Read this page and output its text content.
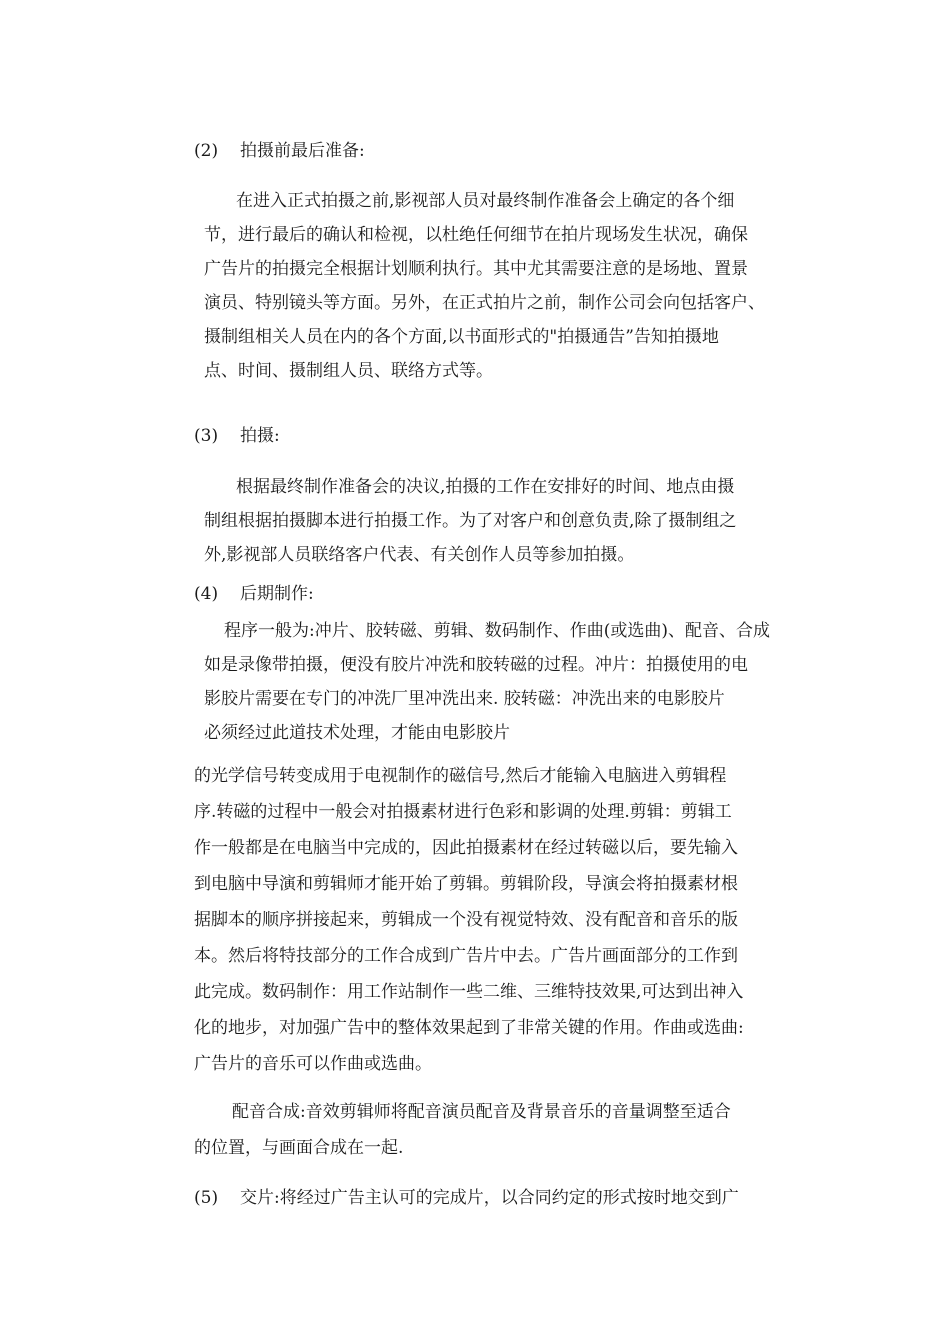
(2) 拍摄前最后准备:
在进入正式拍摄之前,影视部人员对最终制作准备会上确定的各个细
节，进行最后的确认和检视，以杜绝任何细节在拍片现场发生状况，确保
广告片的拍摄完全根据计划顺利执行。其中尤其需要注意的是场地、置景
演员、特别镜头等方面。另外，在正式拍片之前，制作公司会向包括客户、
摄制组相关人员在内的各个方面,以书面形式的"拍摄通告”告知拍摄地
点、时间、摄制组人员、联络方式等。
(3) 拍摄:
根据最终制作准备会的决议,拍摄的工作在安排好的时间、地点由摄
制组根据拍摄脚本进行拍摄工作。为了对客户和创意负责,除了摄制组之
外,影视部人员联络客户代表、有关创作人员等参加拍摄。
(4) 后期制作:
程序一般为:冲片、胶转磁、剪辑、数码制作、作曲(或选曲)、配音、合成
如是录像带拍摄，便没有胶片冲洗和胶转磁的过程。冲片：拍摄使用的电
影胶片需要在专门的冲洗厂里冲洗出来. 胶转磁：冲洗出来的电影胶片
必须经过此道技术处理，才能由电影胶片
的光学信号转变成用于电视制作的磁信号,然后才能输入电脑进入剪辑程
序.转磁的过程中一般会对拍摄素材进行色彩和影调的处理.剪辑：剪辑工
作一般都是在电脑当中完成的，因此拍摄素材在经过转磁以后，要先输入
到电脑中导演和剪辑师才能开始了剪辑。剪辑阶段，导演会将拍摄素材根
据脚本的顺序拼接起来，剪辑成一个没有视觉特效、没有配音和音乐的版
本。然后将特技部分的工作合成到广告片中去。广告片画面部分的工作到
此完成。数码制作：用工作站制作一些二维、三维特技效果,可达到出神入
化的地步，对加强广告中的整体效果起到了非常关键的作用。作曲或选曲:
广告片的音乐可以作曲或选曲。
配音合成:音效剪辑师将配音演员配音及背景音乐的音量调整至适合
的位置，与画面合成在一起.
(5) 交片:将经过广告主认可的完成片，以合同约定的形式按时地交到广
